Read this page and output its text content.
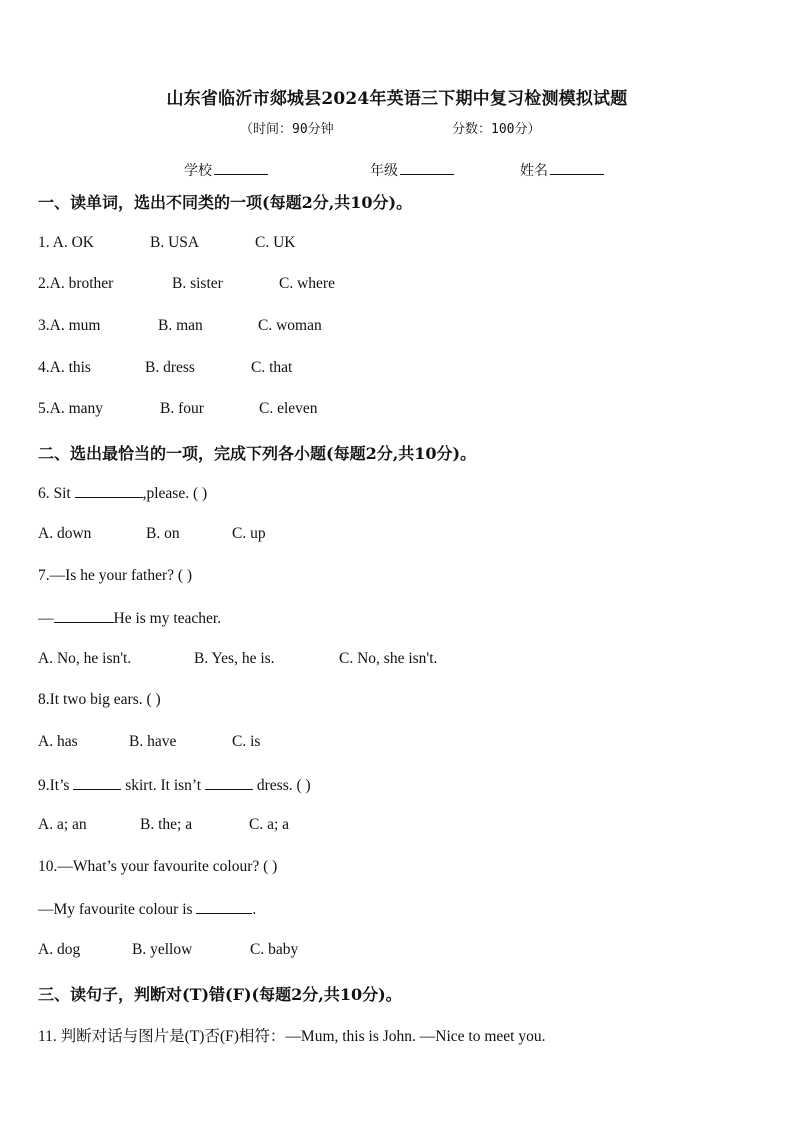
山东省临沂市郯城县2024年英语三下期中复习检测模拟试题
（时间：90分钟	分数：100分）
学校	年级	姓名
一、读单词，选出不同类的一项(每题2分,共10分)。
1. A. OK	B. USA	C. UK
2.A. brother	B. sister	C. where
3.A. mum	B. man	C. woman
4.A. this	B. dress	C. that
5.A. many	B. four	C. eleven
二、选出最恰当的一项，完成下列各小题(每题2分,共10分)。
6. Sit	,please. ( )
A. down	B. on	C. up
7.—Is he your father? ( )
—	He is my teacher.
A. No, he isn't.	B. Yes, he is.	C. No, she isn't.
8.It two big ears. ( )
A. has	B. have	C. is
9.It’s	skirt. It isn’t	dress. ( )
A. a; an	B. the; a	C. a; a
10.—What’s your favourite colour? ( )
—My favourite colour is	.
A. dog	B. yellow	C. baby
三、读句子，判断对(T)错(F)(每题2分,共10分)。
11. 判断对话与图片是(T)否(F)相符：—Mum, this is John. —Nice to meet you.
